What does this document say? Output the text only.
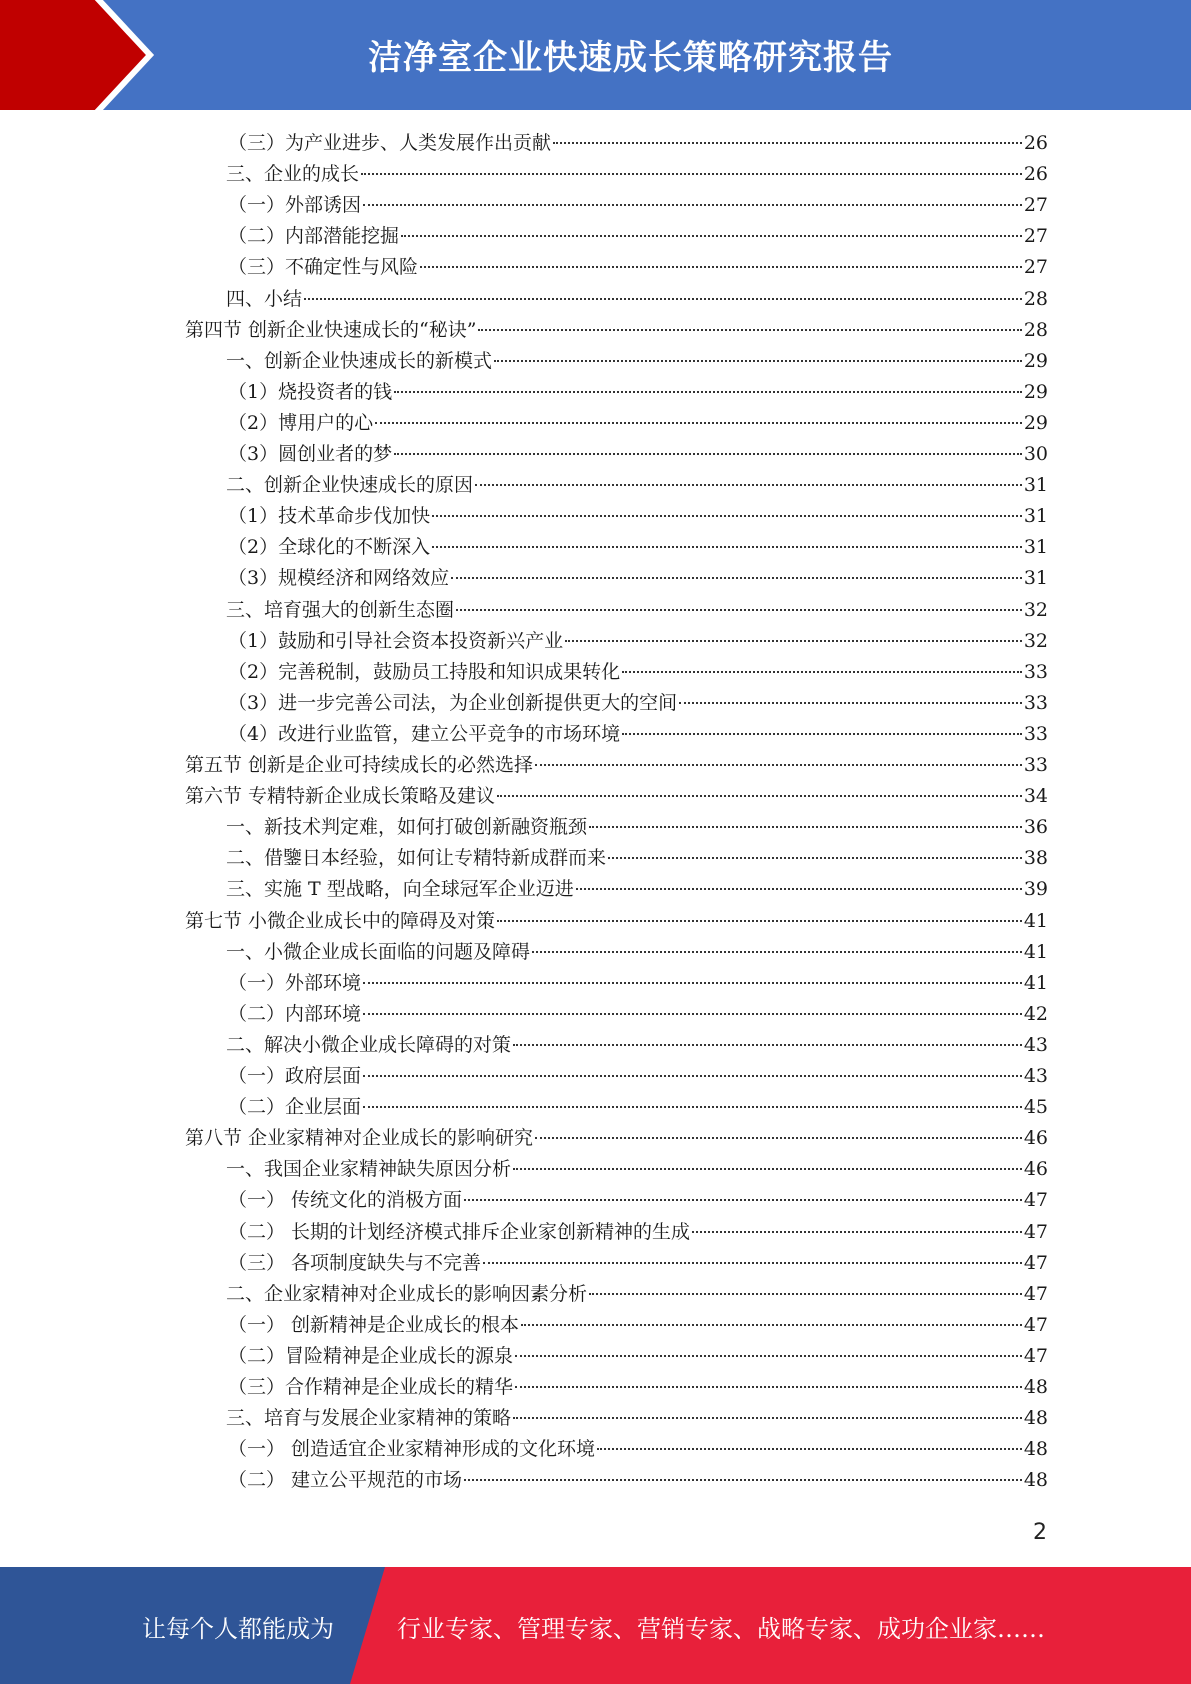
洁净室企业快速成长策略研究报告
（三）为产业进步、人类发展作出贡献	26
三、企业的成长	26
（一）外部诱因	27
（二）内部潜能挖掘	27
（三）不确定性与风险	27
四、小结	28
第四节 创新企业快速成长的“秘诀”	28
一、创新企业快速成长的新模式	29
（1）烧投资者的钱	29
（2）博用户的心	29
（3）圆创业者的梦	30
二、创新企业快速成长的原因	31
（1）技术革命步伐加快	31
（2）全球化的不断深入	31
（3）规模经济和网络效应	31
三、培育强大的创新生态圈	32
（1）鼓励和引导社会资本投资新兴产业	32
（2）完善税制，鼓励员工持股和知识成果转化	33
（3）进一步完善公司法，为企业创新提供更大的空间	33
（4）改进行业监管，建立公平竞争的市场环境	33
第五节 创新是企业可持续成长的必然选择	33
第六节 专精特新企业成长策略及建议	34
一、新技术判定难，如何打破创新融资瓶颈	36
二、借鑒日本经验，如何让专精特新成群而来	38
三、实施 T 型战略，向全球冠军企业迈进	39
第七节 小微企业成长中的障碍及对策	41
一、小微企业成长面临的问题及障碍	41
（一）外部环境	41
（二）内部环境	42
二、解决小微企业成长障碍的对策	43
（一）政府层面	43
（二）企业层面	45
第八节 企业家精神对企业成长的影响研究	46
一、我国企业家精神缺失原因分析	46
（一） 传统文化的消极方面	47
（二） 长期的计划经济模式排斥企业家创新精神的生成	47
（三） 各项制度缺失与不完善	47
二、企业家精神对企业成长的影响因素分析	47
（一） 创新精神是企业成长的根本	47
（二）冒险精神是企业成长的源泉	47
（三）合作精神是企业成长的精华	48
三、培育与发展企业家精神的策略	48
（一） 创造适宜企业家精神形成的文化环境	48
（二） 建立公平规范的市场	48
2
让每个人都能成为	行业专家、管理专家、营销专家、战略专家、成功企业家……
